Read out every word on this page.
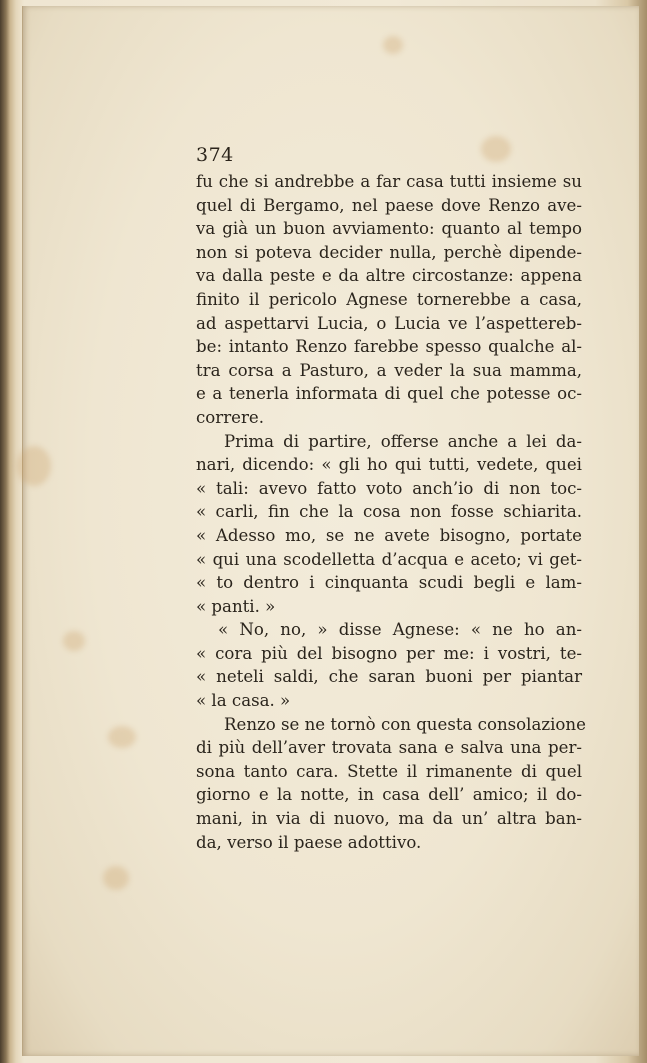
374
fu che si andrebbe a far casa tutti insieme su
quel di Bergamo, nel paese dove Renzo ave-
va già un buon avviamento: quanto al tempo
non si poteva decider nulla, perchè dipende-
va dalla peste e da altre circostanze: appena
finito il pericolo Agnese tornerebbe a casa,
ad aspettarvi Lucia, o Lucia ve l’aspetterеb-
be: intanto Renzo farebbe spesso qualche al-
tra corsa a Pasturo, a veder la sua mamma,
e a tenerla informata di quel che potesse oc-
correre.
Prima di partire, offerse anche a lei da-
nari, dicendo: « gli ho qui tutti, vedete, quei
« tali: avevo fatto voto anch’io di non toc-
« carli, fin che la cosa non fosse schiarita.
« Adesso mo, se ne avete bisogno, portate
« qui una scodelletta d’acqua e aceto; vi get-
« to dentro i cinquanta scudi begli e lam-
« panti. »
« No, no, » disse Agnese: « ne ho an-
« cora più del bisogno per me: i vostri, te-
« neteli saldi, che saran buoni per piantar
« la casa. »
Renzo se ne tornò con questa consolazione
di più dell’aver trovata sana e salva una per-
sona tanto cara. Stette il rimanente di quel
giorno e la notte, in casa dell’ amico; il do-
mani, in via di nuovo, ma da un’ altra ban-
da, verso il paese adottivo.
